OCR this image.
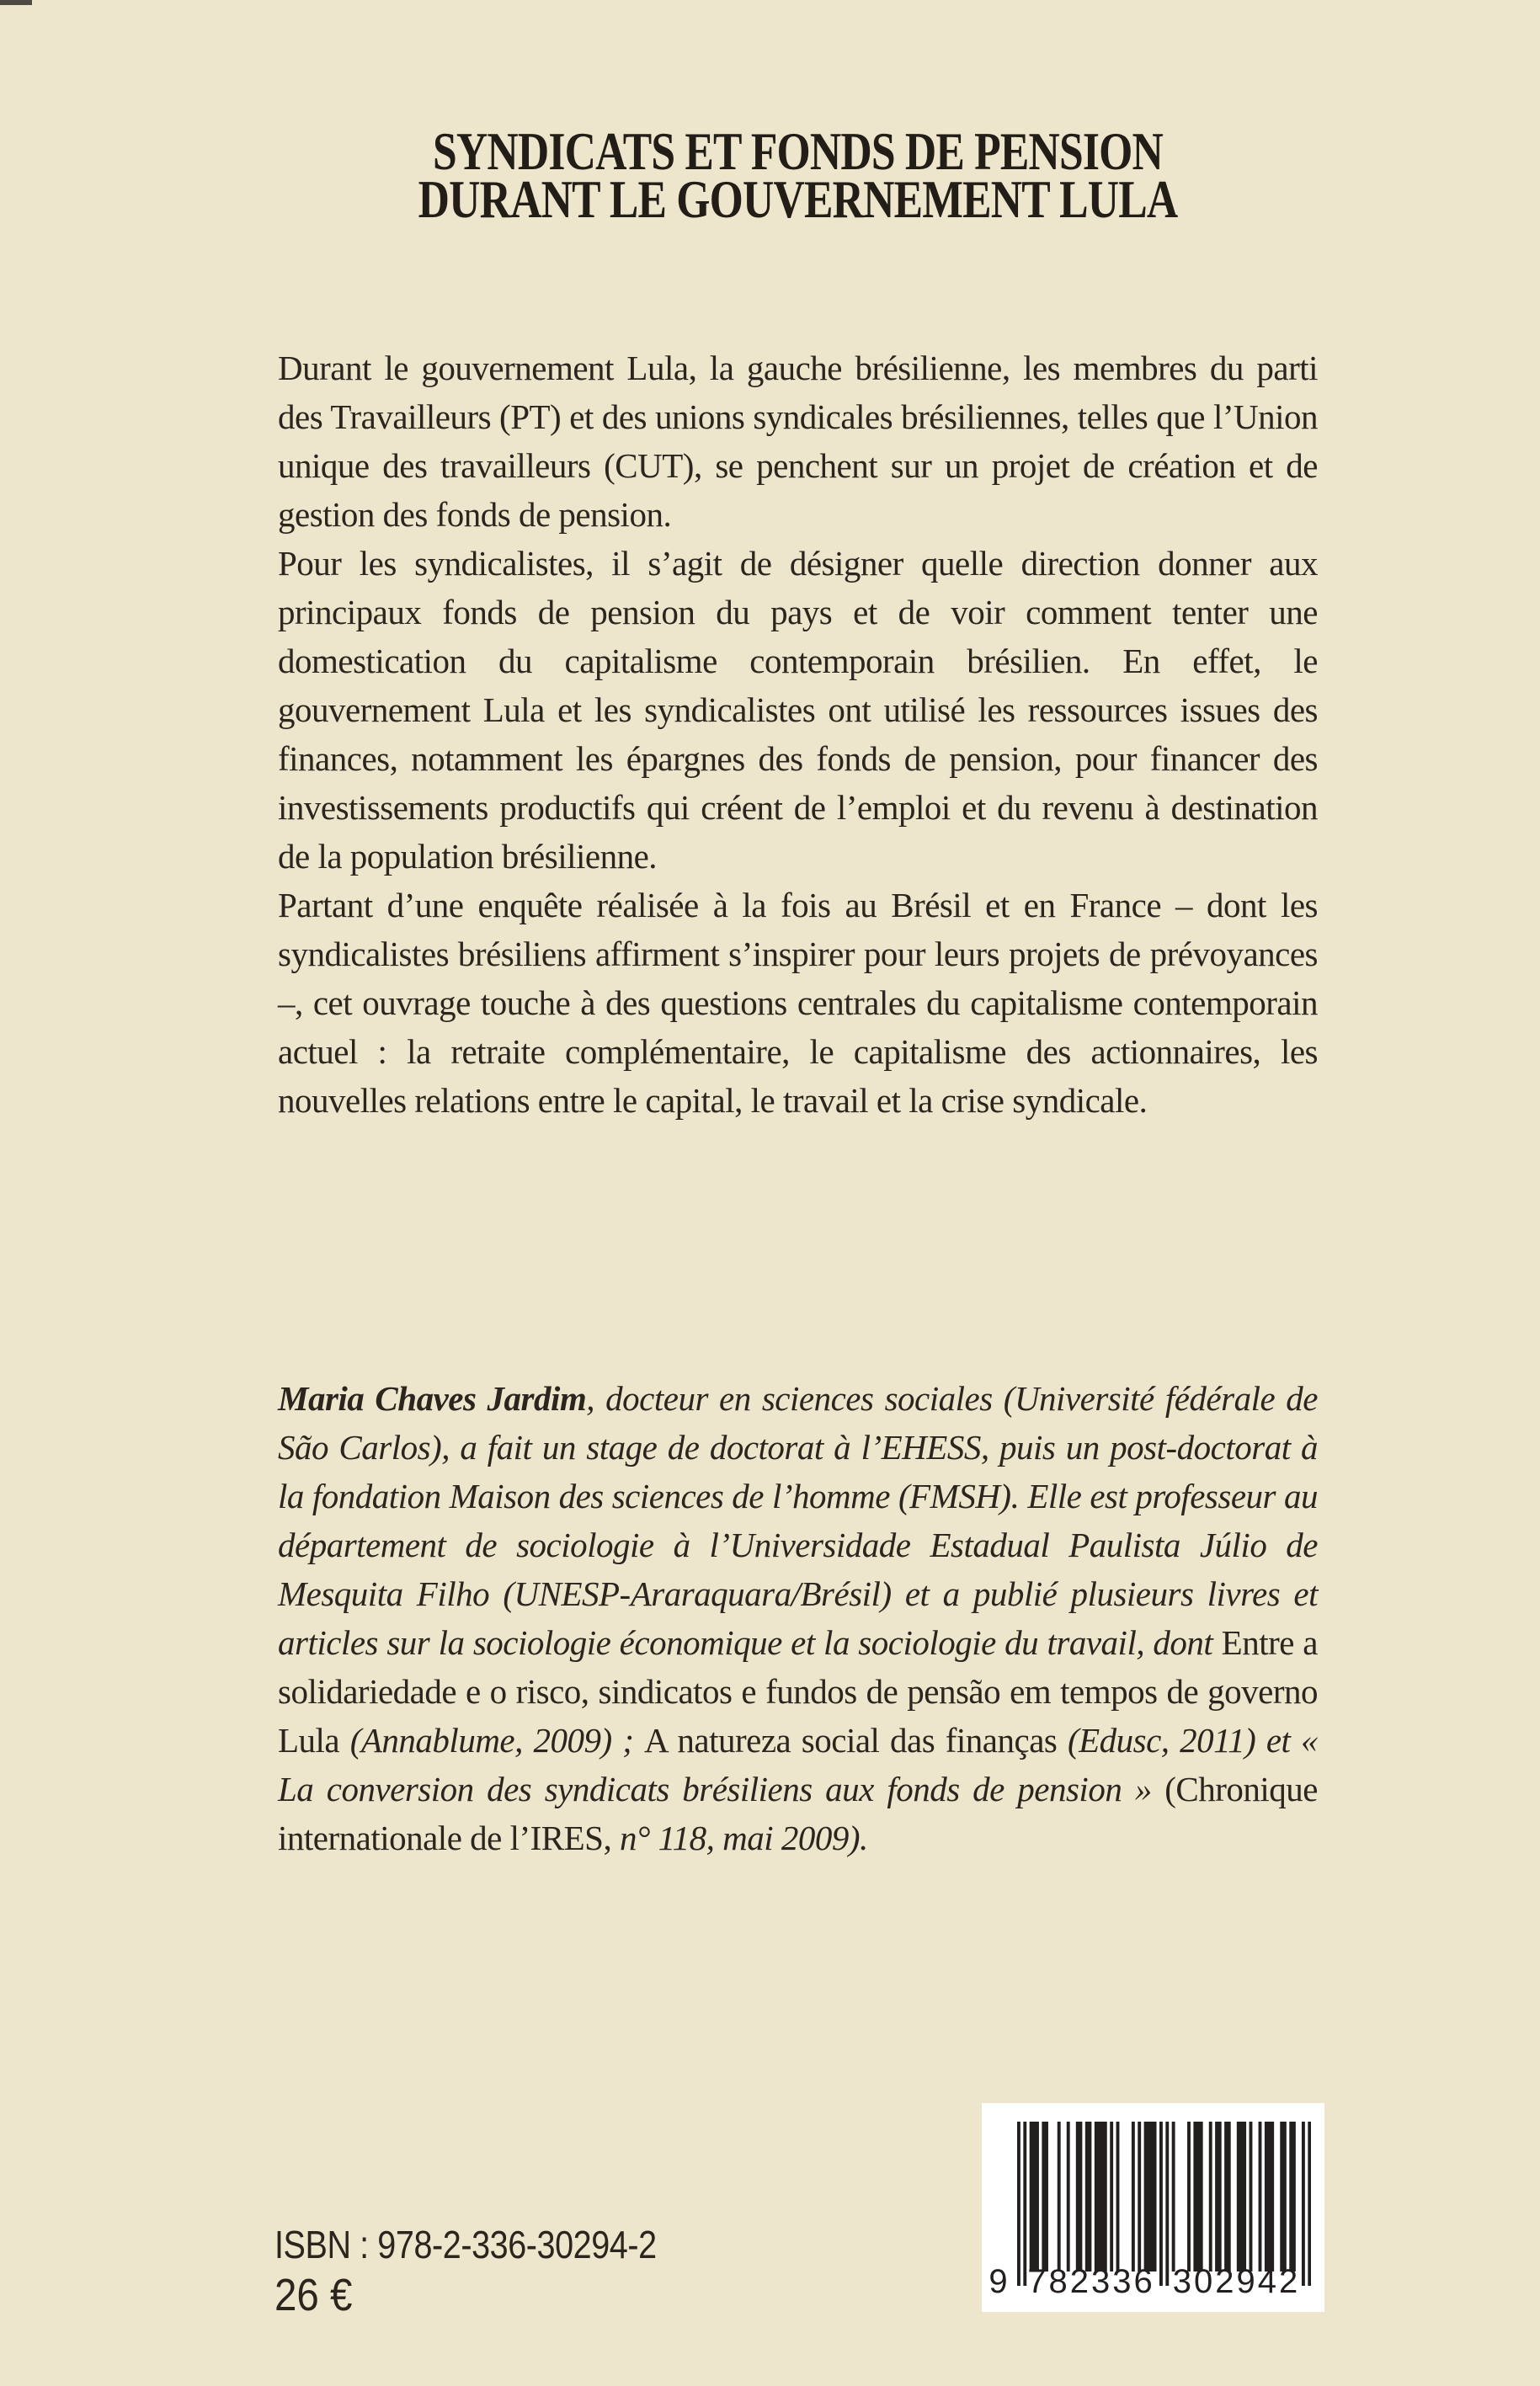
SYNDICATS ET FONDS DE PENSION
DURANT LE GOUVERNEMENT LULA

Durant le gouvernement Lula, la gauche brésilienne, les membres du parti des Travailleurs (PT) et des unions syndicales brésiliennes, telles que l’Union unique des travailleurs (CUT), se penchent sur un projet de création et de gestion des fonds de pension.

Pour les syndicalistes, il s’agit de désigner quelle direction donner aux principaux fonds de pension du pays et de voir comment tenter une domestication du capitalisme contemporain brésilien. En effet, le gouvernement Lula et les syndicalistes ont utilisé les ressources issues des finances, notamment les épargnes des fonds de pension, pour financer des investissements productifs qui créent de l’emploi et du revenu à destination de la population brésilienne.

Partant d’une enquête réalisée à la fois au Brésil et en France – dont les syndicalistes brésiliens affirment s’inspirer pour leurs projets de prévoyances –, cet ouvrage touche à des questions centrales du capitalisme contemporain actuel : la retraite complémentaire, le capitalisme des actionnaires, les nouvelles relations entre le capital, le travail et la crise syndicale.

Maria Chaves Jardim, docteur en sciences sociales (Université fédérale de São Carlos), a fait un stage de doctorat à l’EHESS, puis un post-doctorat à la fondation Maison des sciences de l’homme (FMSH). Elle est professeur au département de sociologie à l’Universidade Estadual Paulista Júlio de Mesquita Filho (UNESP-Araraquara/Brésil) et a publié plusieurs livres et articles sur la sociologie économique et la sociologie du travail, dont Entre a solidariedade e o risco, sindicatos e fundos de pensão em tempos de governo Lula (Annablume, 2009) ; A natureza social das finanças (Edusc, 2011) et « La conversion des syndicats brésiliens aux fonds de pension » (Chronique internationale de l’IRES, n° 118, mai 2009).
ISBN : 978-2-336-30294-2
26 €	9 782336 302942
